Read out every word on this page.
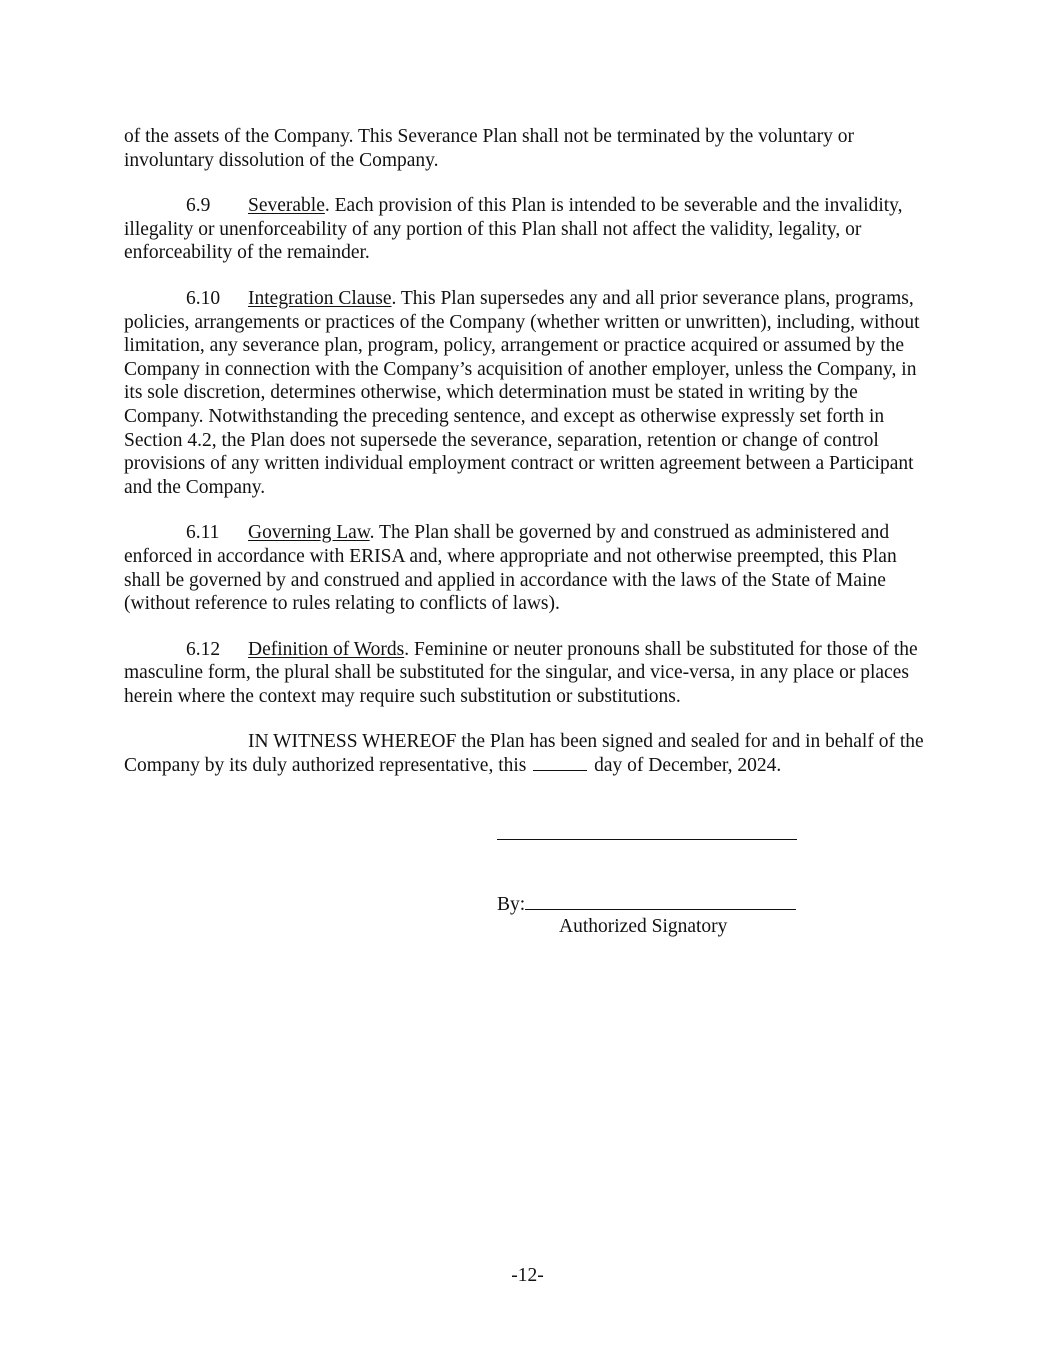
of the assets of the Company. This Severance Plan shall not be terminated by the voluntary or involuntary dissolution of the Company.

6.9 Severable. Each provision of this Plan is intended to be severable and the invalidity, illegality or unenforceability of any portion of this Plan shall not affect the validity, legality, or enforceability of the remainder.

6.10 Integration Clause. This Plan supersedes any and all prior severance plans, programs, policies, arrangements or practices of the Company (whether written or unwritten), including, without limitation, any severance plan, program, policy, arrangement or practice acquired or assumed by the Company in connection with the Company’s acquisition of another employer, unless the Company, in its sole discretion, determines otherwise, which determination must be stated in writing by the Company. Notwithstanding the preceding sentence, and except as otherwise expressly set forth in Section 4.2, the Plan does not supersede the severance, separation, retention or change of control provisions of any written individual employment contract or written agreement between a Participant and the Company.

6.11 Governing Law. The Plan shall be governed by and construed as administered and enforced in accordance with ERISA and, where appropriate and not otherwise preempted, this Plan shall be governed by and construed and applied in accordance with the laws of the State of Maine (without reference to rules relating to conflicts of laws).

6.12 Definition of Words. Feminine or neuter pronouns shall be substituted for those of the masculine form, the plural shall be substituted for the singular, and vice-versa, in any place or places herein where the context may require such substitution or substitutions.

IN WITNESS WHEREOF the Plan has been signed and sealed for and in behalf of the Company by its duly authorized representative, this	day of December, 2024.

By:
Authorized Signatory
-12-
